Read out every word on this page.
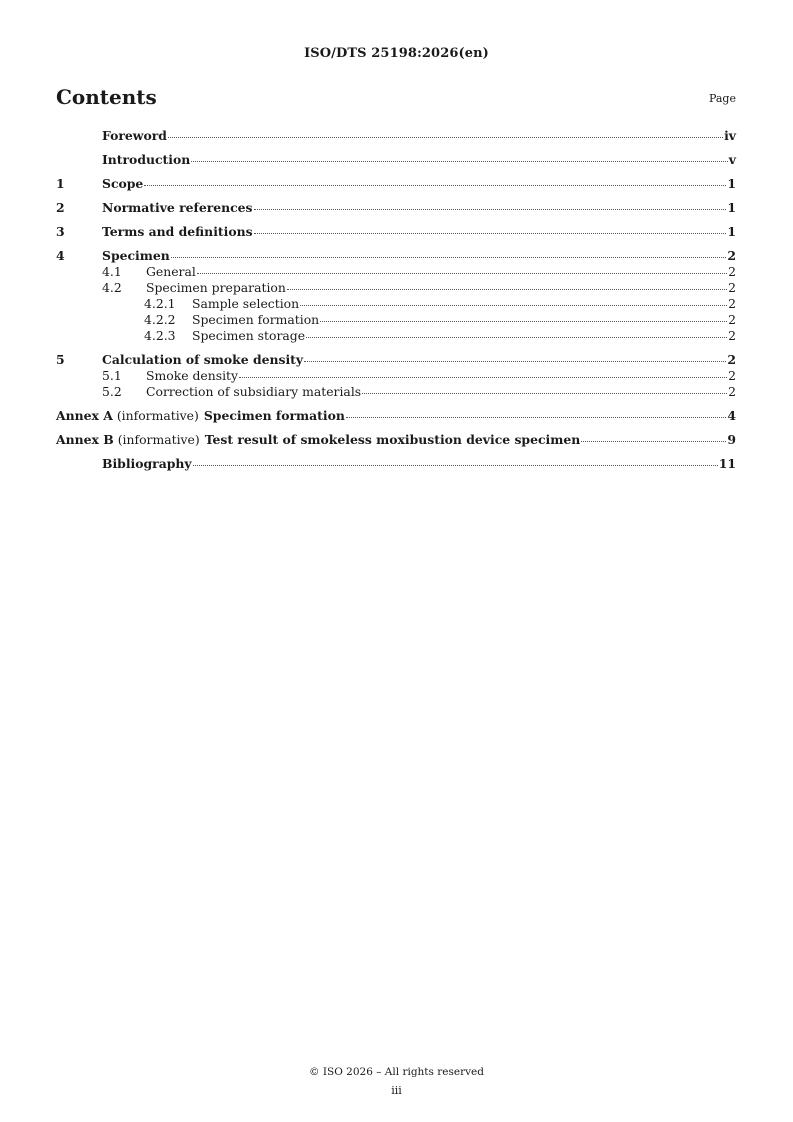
ISO/DTS 25198:2026(en)
Contents	Page
Foreword	iv
Introduction	v
1	Scope	1
2	Normative references	1
3	Terms and definitions	1
4	Specimen	2
4.1	General	2
4.2	Specimen preparation	2
4.2.1	Sample selection	2
4.2.2	Specimen formation	2
4.2.3	Specimen storage	2
5	Calculation of smoke density	2
5.1	Smoke density	2
5.2	Correction of subsidiary materials	2
Annex A (informative) Specimen formation	4
Annex B (informative) Test result of smokeless moxibustion device specimen	9
Bibliography	11
© ISO 2026 – All rights reserved
iii
